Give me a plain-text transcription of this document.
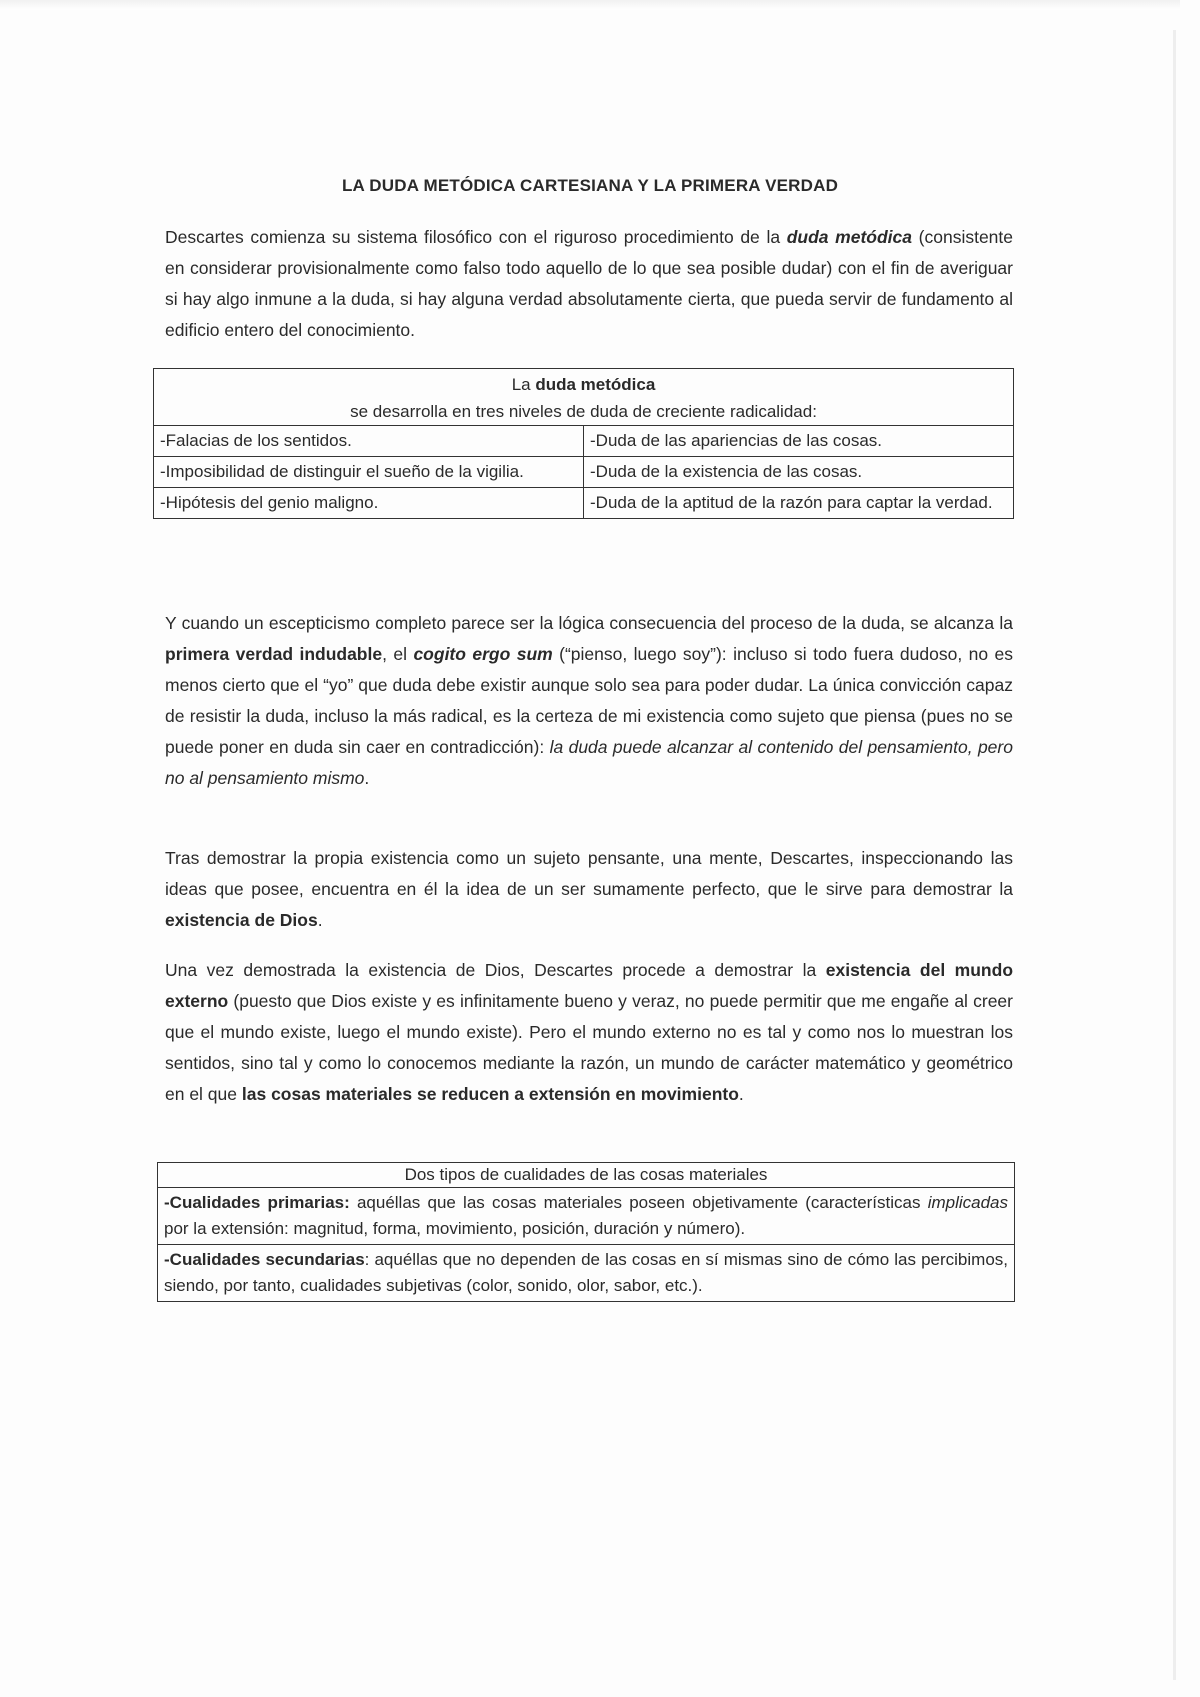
LA DUDA METÓDICA CARTESIANA Y LA PRIMERA VERDAD

Descartes comienza su sistema filosófico con el riguroso procedimiento de la duda metódica (consistente en considerar provisionalmente como falso todo aquello de lo que sea posible dudar) con el fin de averiguar si hay algo inmune a la duda, si hay alguna verdad absolutamente cierta, que pueda servir de fundamento al edificio entero del conocimiento.

La duda metódica
se desarrolla en tres niveles de duda de creciente radicalidad:	
-Falacias de los sentidos.	-Duda de las apariencias de las cosas.
-Imposibilidad de distinguir el sueño de la vigilia.	-Duda de la existencia de las cosas.
-Hipótesis del genio maligno.	-Duda de la aptitud de la razón para captar la verdad.

Y cuando un escepticismo completo parece ser la lógica consecuencia del proceso de la duda, se alcanza la primera verdad indudable, el cogito ergo sum (“pienso, luego soy”): incluso si todo fuera dudoso, no es menos cierto que el “yo” que duda debe existir aunque solo sea para poder dudar. La única convicción capaz de resistir la duda, incluso la más radical, es la certeza de mi existencia como sujeto que piensa (pues no se puede poner en duda sin caer en contradicción): la duda puede alcanzar al contenido del pensamiento, pero no al pensamiento mismo.

Tras demostrar la propia existencia como un sujeto pensante, una mente, Descartes, inspeccionando las ideas que posee, encuentra en él la idea de un ser sumamente perfecto, que le sirve para demostrar la existencia de Dios.

Una vez demostrada la existencia de Dios, Descartes procede a demostrar la existencia del mundo externo (puesto que Dios existe y es infinitamente bueno y veraz, no puede permitir que me engañe al creer que el mundo existe, luego el mundo existe). Pero el mundo externo no es tal y como nos lo muestran los sentidos, sino tal y como lo conocemos mediante la razón, un mundo de carácter matemático y geométrico en el que las cosas materiales se reducen a extensión en movimiento.

Dos tipos de cualidades de las cosas materiales
-Cualidades primarias: aquéllas que las cosas materiales poseen objetivamente (características implicadas por la extensión: magnitud, forma, movimiento, posición, duración y número).
-Cualidades secundarias: aquéllas que no dependen de las cosas en sí mismas sino de cómo las percibimos, siendo, por tanto, cualidades subjetivas (color, sonido, olor, sabor, etc.).
